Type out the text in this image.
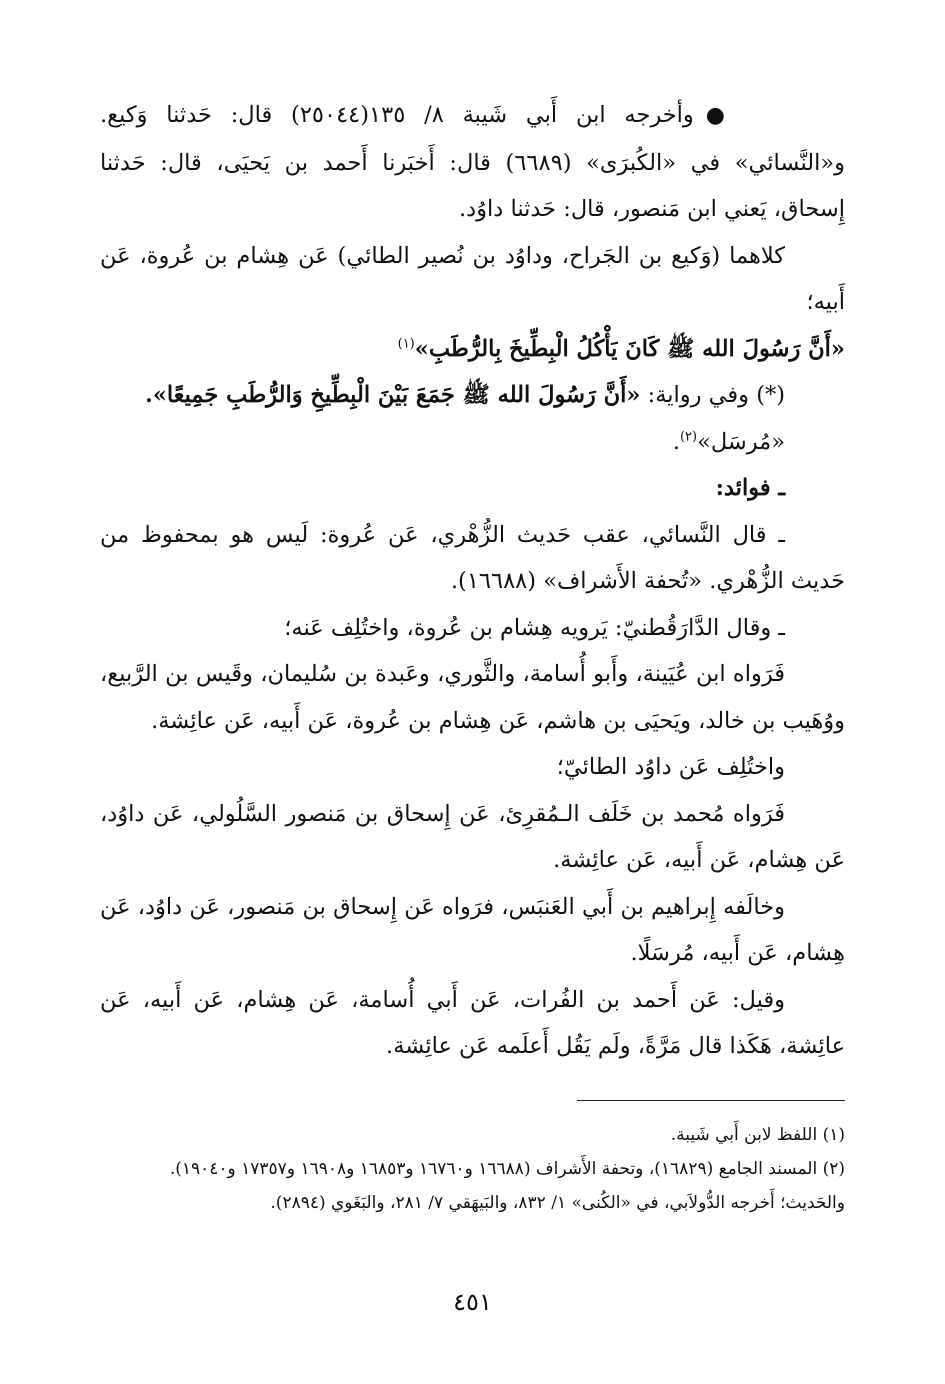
●وأخرجه ابن أَبي شَيبة ٨/ ١٣٥(٢٥٠٤٤) قال: حَدثنا وَكيع. و«النَّسائي» في «الكُبرَى» (٦٦٨٩) قال: أَخبَرنا أَحمد بن يَحيَى، قال: حَدثنا إِسحاق، يَعني ابن مَنصور، قال: حَدثنا داوُد.

كلاهما (وَكيع بن الجَراح، وداوُد بن نُصير الطائي) عَن هِشام بن عُروة، عَن أَبيه؛

«أَنَّ رَسُولَ الله ﷺ كَانَ يَأْكُلُ الْبِطِّيخَ بِالرُّطَبِ»$^{(١)}$

(*) وفي رواية: «أَنَّ رَسُولَ الله ﷺ جَمَعَ بَيْنَ الْبِطِّيخِ وَالرُّطَبِ جَمِيعًا».

«مُرسَل»$^{(٢)}$.

ـ فوائد:

ـ قال النَّسائي، عقب حَديث الزُّهْري، عَن عُروة: لَيس هو بمحفوظ من حَديث الزُّهْري. «تُحفة الأَشراف» (١٦٦٨٨).

ـ وقال الدَّارَقُطنيّ: يَرويه هِشام بن عُروة، واختُلِف عَنه؛

فَرَواه ابن عُيَينة، وأَبو أُسامة، والثَّوري، وعَبدة بن سُليمان، وقَيس بن الرَّبيع، ووُهَيب بن خالد، ويَحيَى بن هاشم، عَن هِشام بن عُروة، عَن أَبيه، عَن عائِشة.

واختُلِف عَن داوُد الطائيّ؛

فَرَواه مُحمد بن خَلَف الـمُقرِئ، عَن إِسحاق بن مَنصور السَّلُولي، عَن داوُد، عَن هِشام، عَن أَبيه، عَن عائِشة.

وخالَفه إِبراهيم بن أَبي العَنبَس، فرَواه عَن إِسحاق بن مَنصور، عَن داوُد، عَن هِشام، عَن أَبيه، مُرسَلًا.

وقيل: عَن أَحمد بن الفُرات، عَن أَبي أُسامة، عَن هِشام، عَن أَبيه، عَن عائِشة، هَكَذا قال مَرَّةً، ولَم يَقُل أَعلَمه عَن عائِشة.

(١) اللفظ لابن أَبي شَيبة.

(٢) المسند الجامع (١٦٨٢٩)، وتحفة الأَشراف (١٦٦٨٨ و١٦٧٦٠ و١٦٨٥٣ و١٦٩٠٨ و١٧٣٥٧ و١٩٠٤٠).

والحَديث؛ أَخرجه الدُّولاَبي، في «الكُنى» ١/ ٨٣٢، والبَيهَقي ٧/ ٢٨١، والبَغَوي (٢٨٩٤).

٤٥١
